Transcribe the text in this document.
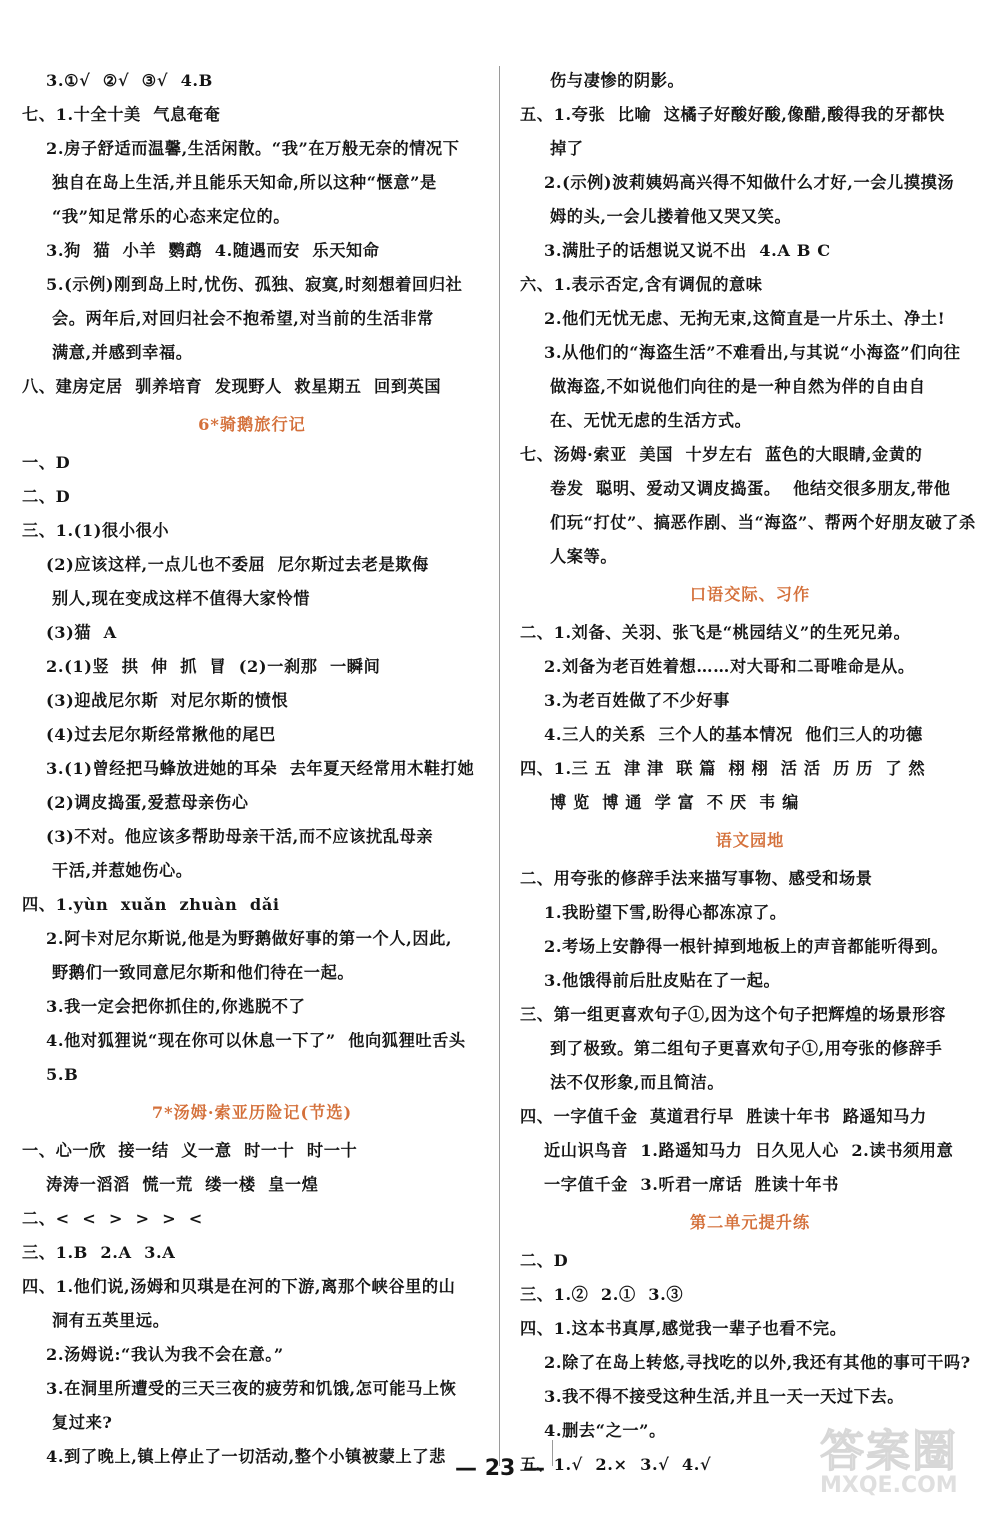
3.①√  ②√  ③√  4.B
七、1.十全十美  气息奄奄
2.房子舒适而温馨,生活闲散。“我”在万般无奈的情况下
独自在岛上生活,并且能乐天知命,所以这种“惬意”是
“我”知足常乐的心态来定位的。
3.狗  猫  小羊  鹦鹉  4.随遇而安  乐天知命
5.(示例)刚到岛上时,忧伤、孤独、寂寞,时刻想着回归社
会。两年后,对回归社会不抱希望,对当前的生活非常
满意,并感到幸福。
八、建房定居  驯养培育  发现野人  救星期五  回到英国
6*骑鹅旅行记
一、D
二、D
三、1.(1)很小很小
(2)应该这样,一点儿也不委屈  尼尔斯过去老是欺侮
别人,现在变成这样不值得大家怜惜
(3)猫  A
2.(1)竖  拱  伸  抓  冒  (2)一刹那  一瞬间
(3)迎战尼尔斯  对尼尔斯的愤恨
(4)过去尼尔斯经常揪他的尾巴
3.(1)曾经把马蜂放进她的耳朵  去年夏天经常用木鞋打她
(2)调皮捣蛋,爱惹母亲伤心
(3)不对。他应该多帮助母亲干活,而不应该扰乱母亲
干活,并惹她伤心。
四、1.yùn  xuǎn  zhuàn  dǎi
2.阿卡对尼尔斯说,他是为野鹅做好事的第一个人,因此,
野鹅们一致同意尼尔斯和他们待在一起。
3.我一定会把你抓住的,你逃脱不了
4.他对狐狸说“现在你可以休息一下了”  他向狐狸吐舌头
5.B
7*汤姆·索亚历险记(节选)
一、心一欣  接一结  义一意  时一十  时一十
涛涛一滔滔  慌一荒  缕一楼  皇一煌
二、<  <  >  >  >  <
三、1.B  2.A  3.A
四、1.他们说,汤姆和贝琪是在河的下游,离那个峡谷里的山
洞有五英里远。
2.汤姆说:“我认为我不会在意。”
3.在洞里所遭受的三天三夜的疲劳和饥饿,怎可能马上恢
复过来?
4.到了晚上,镇上停止了一切活动,整个小镇被蒙上了悲
伤与凄惨的阴影。
五、1.夸张  比喻  这橘子好酸好酸,像醋,酸得我的牙都快
掉了
2.(示例)波莉姨妈高兴得不知做什么才好,一会儿摸摸汤
姆的头,一会儿搂着他又哭又笑。
3.满肚子的话想说又说不出  4.A B C
六、1.表示否定,含有调侃的意味
2.他们无忧无虑、无拘无束,这简直是一片乐土、净土!
3.从他们的“海盗生活”不难看出,与其说“小海盗”们向往
做海盗,不如说他们向往的是一种自然为伴的自由自
在、无忧无虑的生活方式。
七、汤姆·索亚  美国  十岁左右  蓝色的大眼睛,金黄的
卷发  聪明、爱动又调皮捣蛋。  他结交很多朋友,带他
们玩“打仗”、搞恶作剧、当“海盗”、帮两个好朋友破了杀
人案等。
口语交际、习作
二、1.刘备、关羽、张飞是“桃园结义”的生死兄弟。
2.刘备为老百姓着想……对大哥和二哥唯命是从。
3.为老百姓做了不少好事
4.三人的关系  三个人的基本情况  他们三人的功德
四、1.三 五  津 津  联 篇  栩 栩  活 活  历 历  了 然
博 览  博 通  学 富  不 厌  韦 编
语文园地
二、用夸张的修辞手法来描写事物、感受和场景
1.我盼望下雪,盼得心都冻凉了。
2.考场上安静得一根针掉到地板上的声音都能听得到。
3.他饿得前后肚皮贴在了一起。
三、第一组更喜欢句子①,因为这个句子把辉煌的场景形容
到了极致。第二组句子更喜欢句子①,用夸张的修辞手
法不仅形象,而且简洁。
四、一字值千金  莫道君行早  胜读十年书  路遥知马力
近山识鸟音  1.路遥知马力  日久见人心  2.读书须用意
一字值千金  3.听君一席话  胜读十年书
第二单元提升练
二、D
三、1.②  2.①  3.③
四、1.这本书真厚,感觉我一辈子也看不完。
2.除了在岛上转悠,寻找吃的以外,我还有其他的事可干吗?
3.我不得不接受这种生活,并且一天一天过下去。
4.删去“之一”。
五、1.√  2.×  3.√  4.√
— 23 —	答案圈
MXQE.COM
